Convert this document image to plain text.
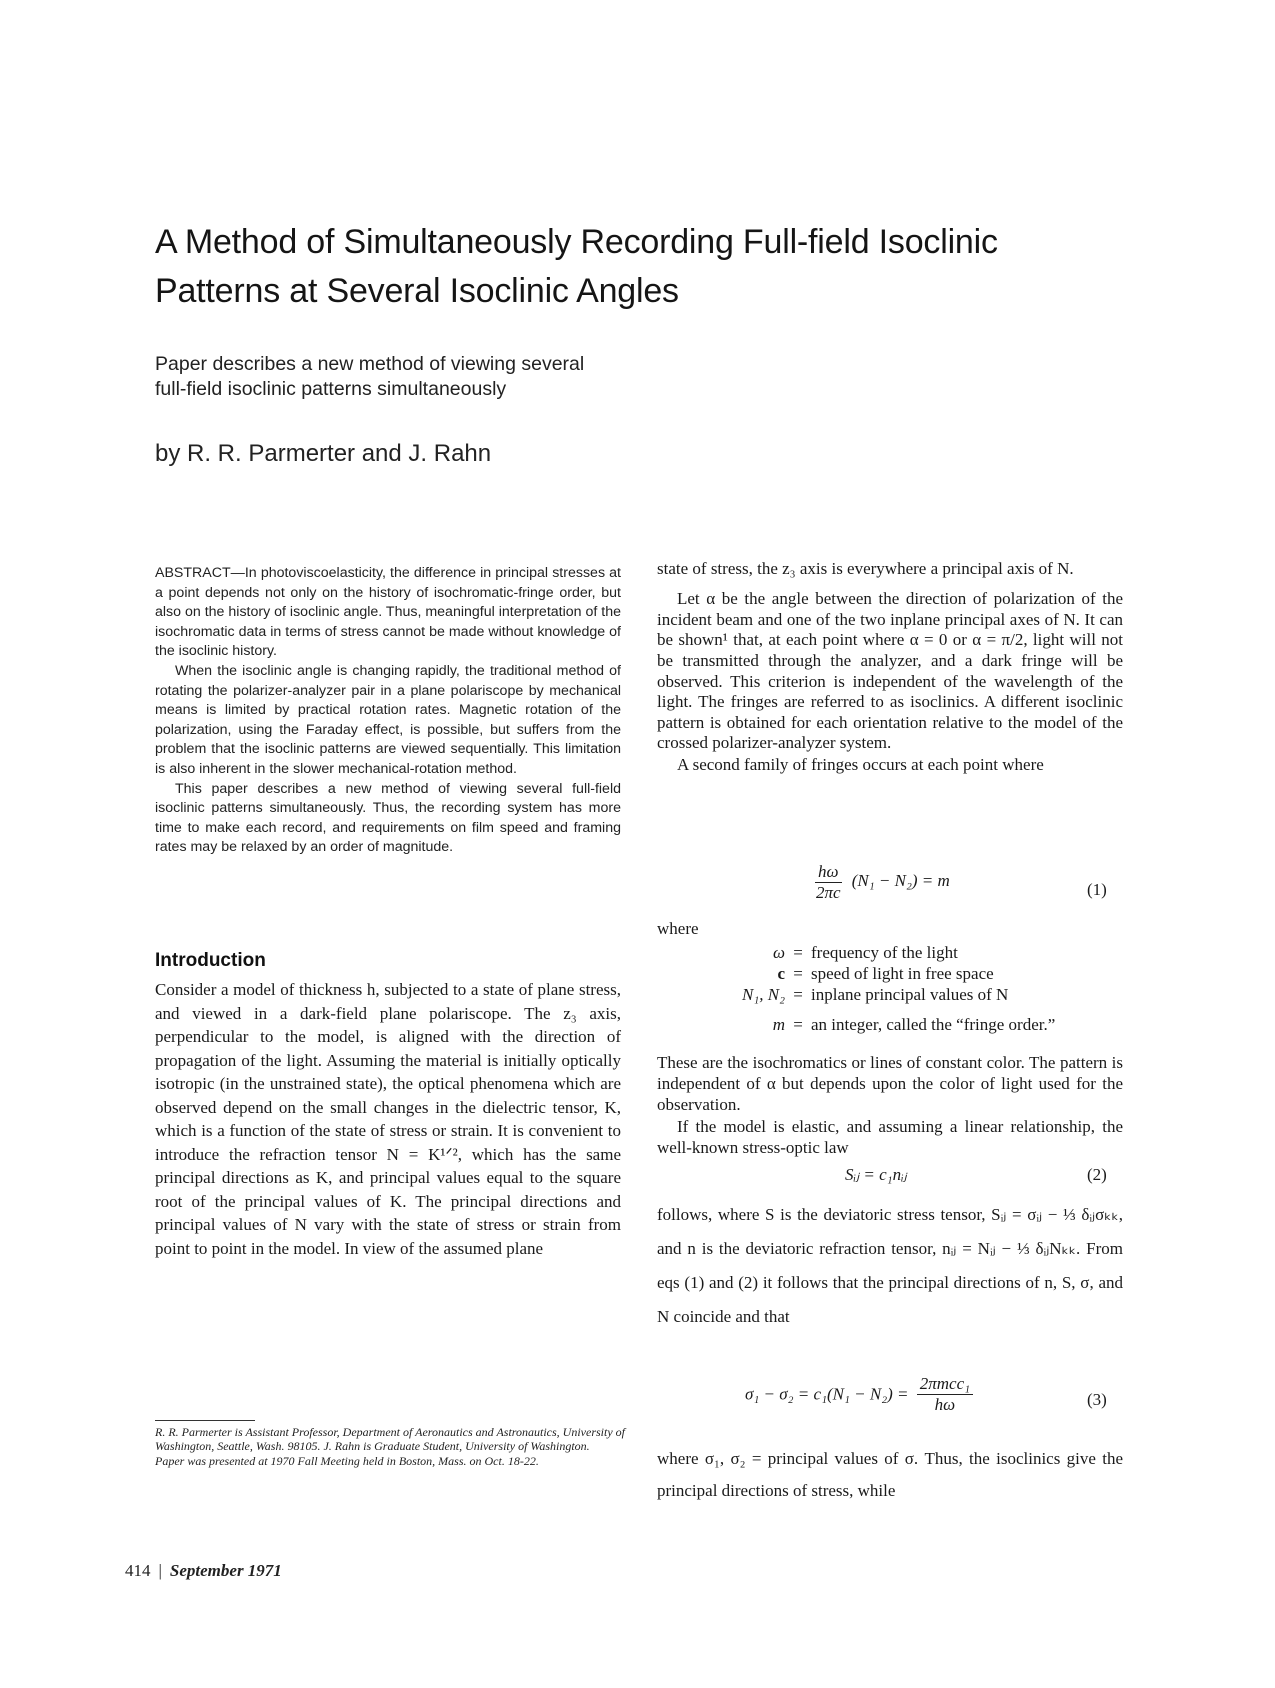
A Method of Simultaneously Recording Full-field Isoclinic
Patterns at Several Isoclinic Angles
Paper describes a new method of viewing several
full-field isoclinic patterns simultaneously
by R. R. Parmerter and J. Rahn

ABSTRACT—In photoviscoelasticity, the difference in principal stresses at a point depends not only on the history of isochromatic-fringe order, but also on the history of isoclinic angle. Thus, meaningful interpretation of the isochromatic data in terms of stress cannot be made without knowledge of the isoclinic history.

When the isoclinic angle is changing rapidly, the traditional method of rotating the polarizer-analyzer pair in a plane polariscope by mechanical means is limited by practical rotation rates. Magnetic rotation of the polarization, using the Faraday effect, is possible, but suffers from the problem that the isoclinic patterns are viewed sequentially. This limitation is also inherent in the slower mechanical-rotation method.

This paper describes a new method of viewing several full-field isoclinic patterns simultaneously. Thus, the recording system has more time to make each record, and requirements on film speed and framing rates may be relaxed by an order of magnitude.

Introduction

Consider a model of thickness h, subjected to a state of plane stress, and viewed in a dark-field plane polariscope. The z₃ axis, perpendicular to the model, is aligned with the direction of propagation of the light. Assuming the material is initially optically isotropic (in the unstrained state), the optical phenomena which are observed depend on the small changes in the dielectric tensor, K, which is a function of the state of stress or strain. It is convenient to introduce the refraction tensor N = K¹ᐟ², which has the same principal directions as K, and principal values equal to the square root of the principal values of K. The principal directions and principal values of N vary with the state of stress or strain from point to point in the model. In view of the assumed plane

state of stress, the z₃ axis is everywhere a principal axis of N.

Let α be the angle between the direction of polarization of the incident beam and one of the two inplane principal axes of N. It can be shown¹ that, at each point where α = 0 or α = π/2, light will not be transmitted through the analyzer, and a dark fringe will be observed. This criterion is independent of the wavelength of the light. The fringes are referred to as isoclinics. A different isoclinic pattern is obtained for each orientation relative to the model of the crossed polarizer-analyzer system.

A second family of fringes occurs at each point where

$\frac{h\omega}{2\pi c} (N_1 - N_2) = m$	(1)
where
ω = frequency of the light
c = speed of light in free space
N₁, N₂ = inplane principal values of N
m = an integer, called the “fringe order.”

These are the isochromatics or lines of constant color. The pattern is independent of α but depends upon the color of light used for the observation.

If the model is elastic, and assuming a linear relationship, the well-known stress-optic law

Sᵢⱼ = c₁nᵢⱼ	(2)

follows, where S is the deviatoric stress tensor, Sᵢⱼ = σᵢⱼ − ⅓ δᵢⱼσₖₖ, and n is the deviatoric refraction tensor, nᵢⱼ = Nᵢⱼ − ⅓ δᵢⱼNₖₖ. From eqs (1) and (2) it follows that the principal directions of n, S, σ, and N coincide and that

$\sigma_1 - \sigma_2 = c_1(N_1 - N_2) = \frac{\text{2πmcc₁}}{h\omega}$	(3)

where σ₁, σ₂ = principal values of σ. Thus, the isoclinics give the principal directions of stress, while

R. R. Parmerter is Assistant Professor, Department of Aeronautics and Astronautics, University of Washington, Seattle, Wash. 98105. J. Rahn is Graduate Student, University of Washington.

Paper was presented at 1970 Fall Meeting held in Boston, Mass. on Oct. 18-22.

414 | September 1971
